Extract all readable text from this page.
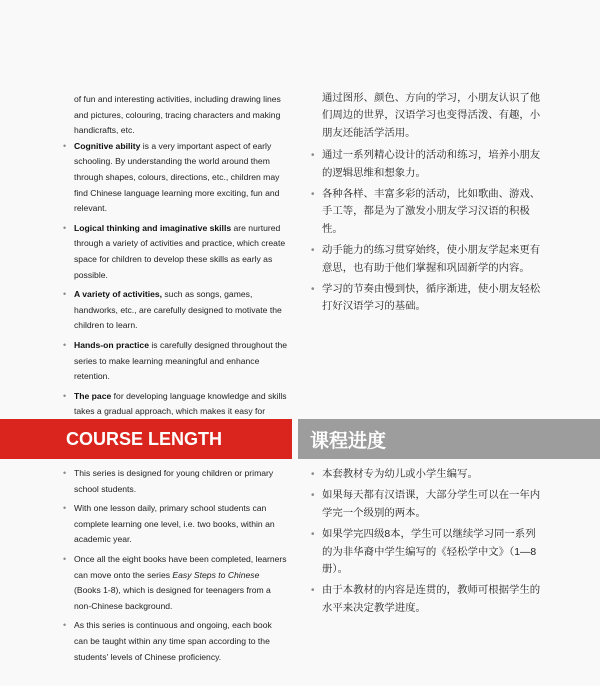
of fun and interesting activities, including drawing lines and pictures, colouring, tracing characters and making handicrafts, etc.

• Cognitive ability is a very important aspect of early schooling. By understanding the world around them through shapes, colours, directions, etc., children may find Chinese language learning more exciting, fun and relevant.
• Logical thinking and imaginative skills are nurtured through a variety of activities and practice, which create space for children to develop these skills as early as possible.
• A variety of activities, such as songs, games, handworks, etc., are carefully designed to motivate the children to learn.
• Hands-on practice is carefully designed throughout the series to make learning meaningful and enhance retention.
• The pace for developing language knowledge and skills takes a gradual approach, which makes it easy for

通过图形、颜色、方向的学习，小朋友认识了他们周边的世界，汉语学习也变得活泼、有趣，小朋友还能活学活用。

• 通过一系列精心设计的活动和练习，培养小朋友的逻辑思维和想象力。
• 各种各样、丰富多彩的活动，比如歌曲、游戏、手工等，都是为了激发小朋友学习汉语的积极性。
• 动手能力的练习贯穿始终，使小朋友学起来更有意思，也有助于他们掌握和巩固新学的内容。
• 学习的节奏由慢到快，循序渐进，使小朋友轻松打好汉语学习的基础。
COURSE LENGTH	课程进度
• This series is designed for young children or primary school students.
• With one lesson daily, primary school students can complete learning one level, i.e. two books, within an academic year.
• Once all the eight books have been completed, learners can move onto the series Easy Steps to Chinese (Books 1-8), which is designed for teenagers from a non-Chinese background.
• As this series is continuous and ongoing, each book can be taught within any time span according to the students' levels of Chinese proficiency.
• 本套教材专为幼儿或小学生编写。
• 如果每天都有汉语课，大部分学生可以在一年内学完一个级别的两本。
• 如果学完四级8本，学生可以继续学习同一系列的为非华裔中学生编写的《轻松学中文》（1—8册）。
• 由于本教材的内容是连贯的，教师可根据学生的水平来决定教学进度。
